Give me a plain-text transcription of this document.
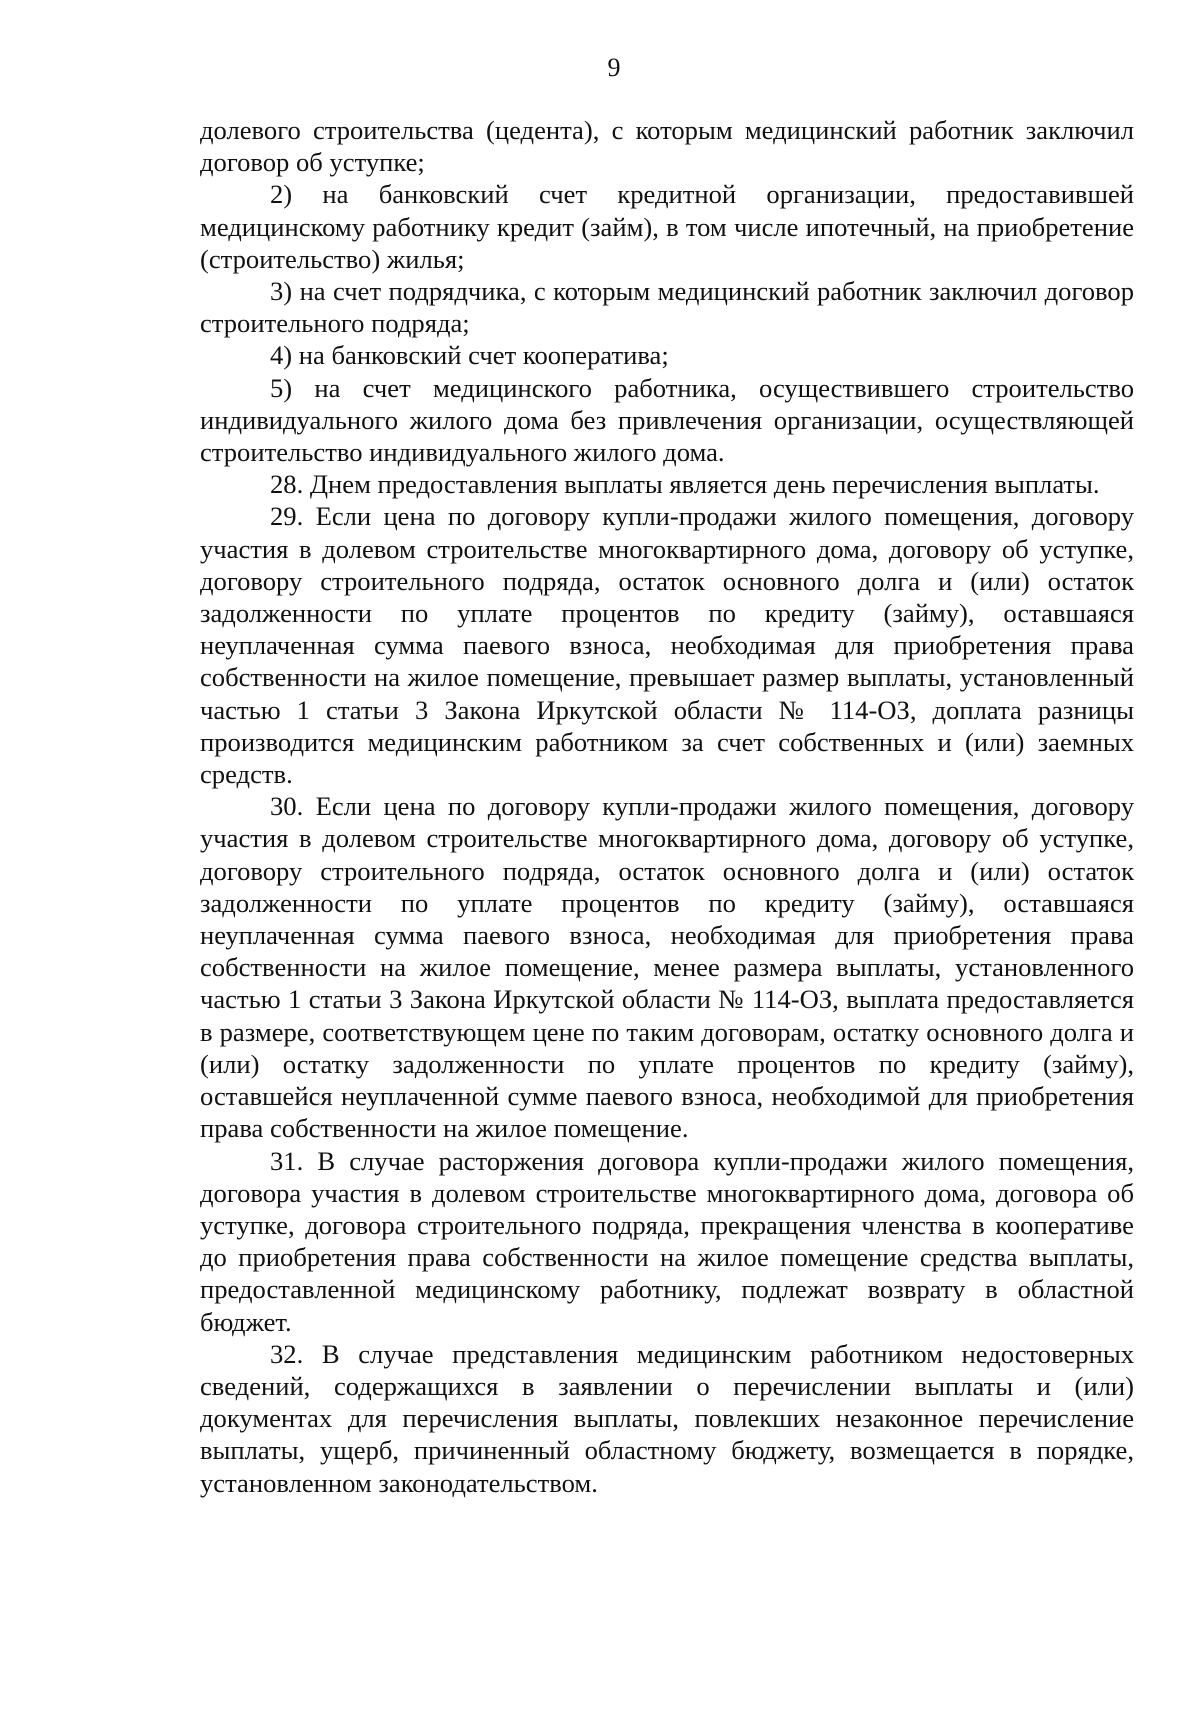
9

долевого строительства (цедента), с которым медицинский работник заключил договор об уступке;

2) на банковский счет кредитной организации, предоставившей медицинскому работнику кредит (займ), в том числе ипотечный, на приобретение (строительство) жилья;

3) на счет подрядчика, с которым медицинский работник заключил договор строительного подряда;

4) на банковский счет кооператива;

5) на счет медицинского работника, осуществившего строительство индивидуального жилого дома без привлечения организации, осуществляющей строительство индивидуального жилого дома.

28. Днем предоставления выплаты является день перечисления выплаты.

29. Если цена по договору купли-продажи жилого помещения, договору участия в долевом строительстве многоквартирного дома, договору об уступке, договору строительного подряда, остаток основного долга и (или) остаток задолженности по уплате процентов по кредиту (займу), оставшаяся неуплаченная сумма паевого взноса, необходимая для приобретения права собственности на жилое помещение, превышает размер выплаты, установленный частью 1 статьи 3 Закона Иркутской области № 114-ОЗ, доплата разницы производится медицинским работником за счет собственных и (или) заемных средств.

30. Если цена по договору купли-продажи жилого помещения, договору участия в долевом строительстве многоквартирного дома, договору об уступке, договору строительного подряда, остаток основного долга и (или) остаток задолженности по уплате процентов по кредиту (займу), оставшаяся неуплаченная сумма паевого взноса, необходимая для приобретения права собственности на жилое помещение, менее размера выплаты, установленного частью 1 статьи 3 Закона Иркутской области № 114-ОЗ, выплата предоставляется в размере, соответствующем цене по таким договорам, остатку основного долга и (или) остатку задолженности по уплате процентов по кредиту (займу), оставшейся неуплаченной сумме паевого взноса, необходимой для приобретения права собственности на жилое помещение.

31. В случае расторжения договора купли-продажи жилого помещения, договора участия в долевом строительстве многоквартирного дома, договора об уступке, договора строительного подряда, прекращения членства в кооперативе до приобретения права собственности на жилое помещение средства выплаты, предоставленной медицинскому работнику, подлежат возврату в областной бюджет.

32. В случае представления медицинским работником недостоверных сведений, содержащихся в заявлении о перечислении выплаты и (или) документах для перечисления выплаты, повлекших незаконное перечисление выплаты, ущерб, причиненный областному бюджету, возмещается в порядке, установленном законодательством.
